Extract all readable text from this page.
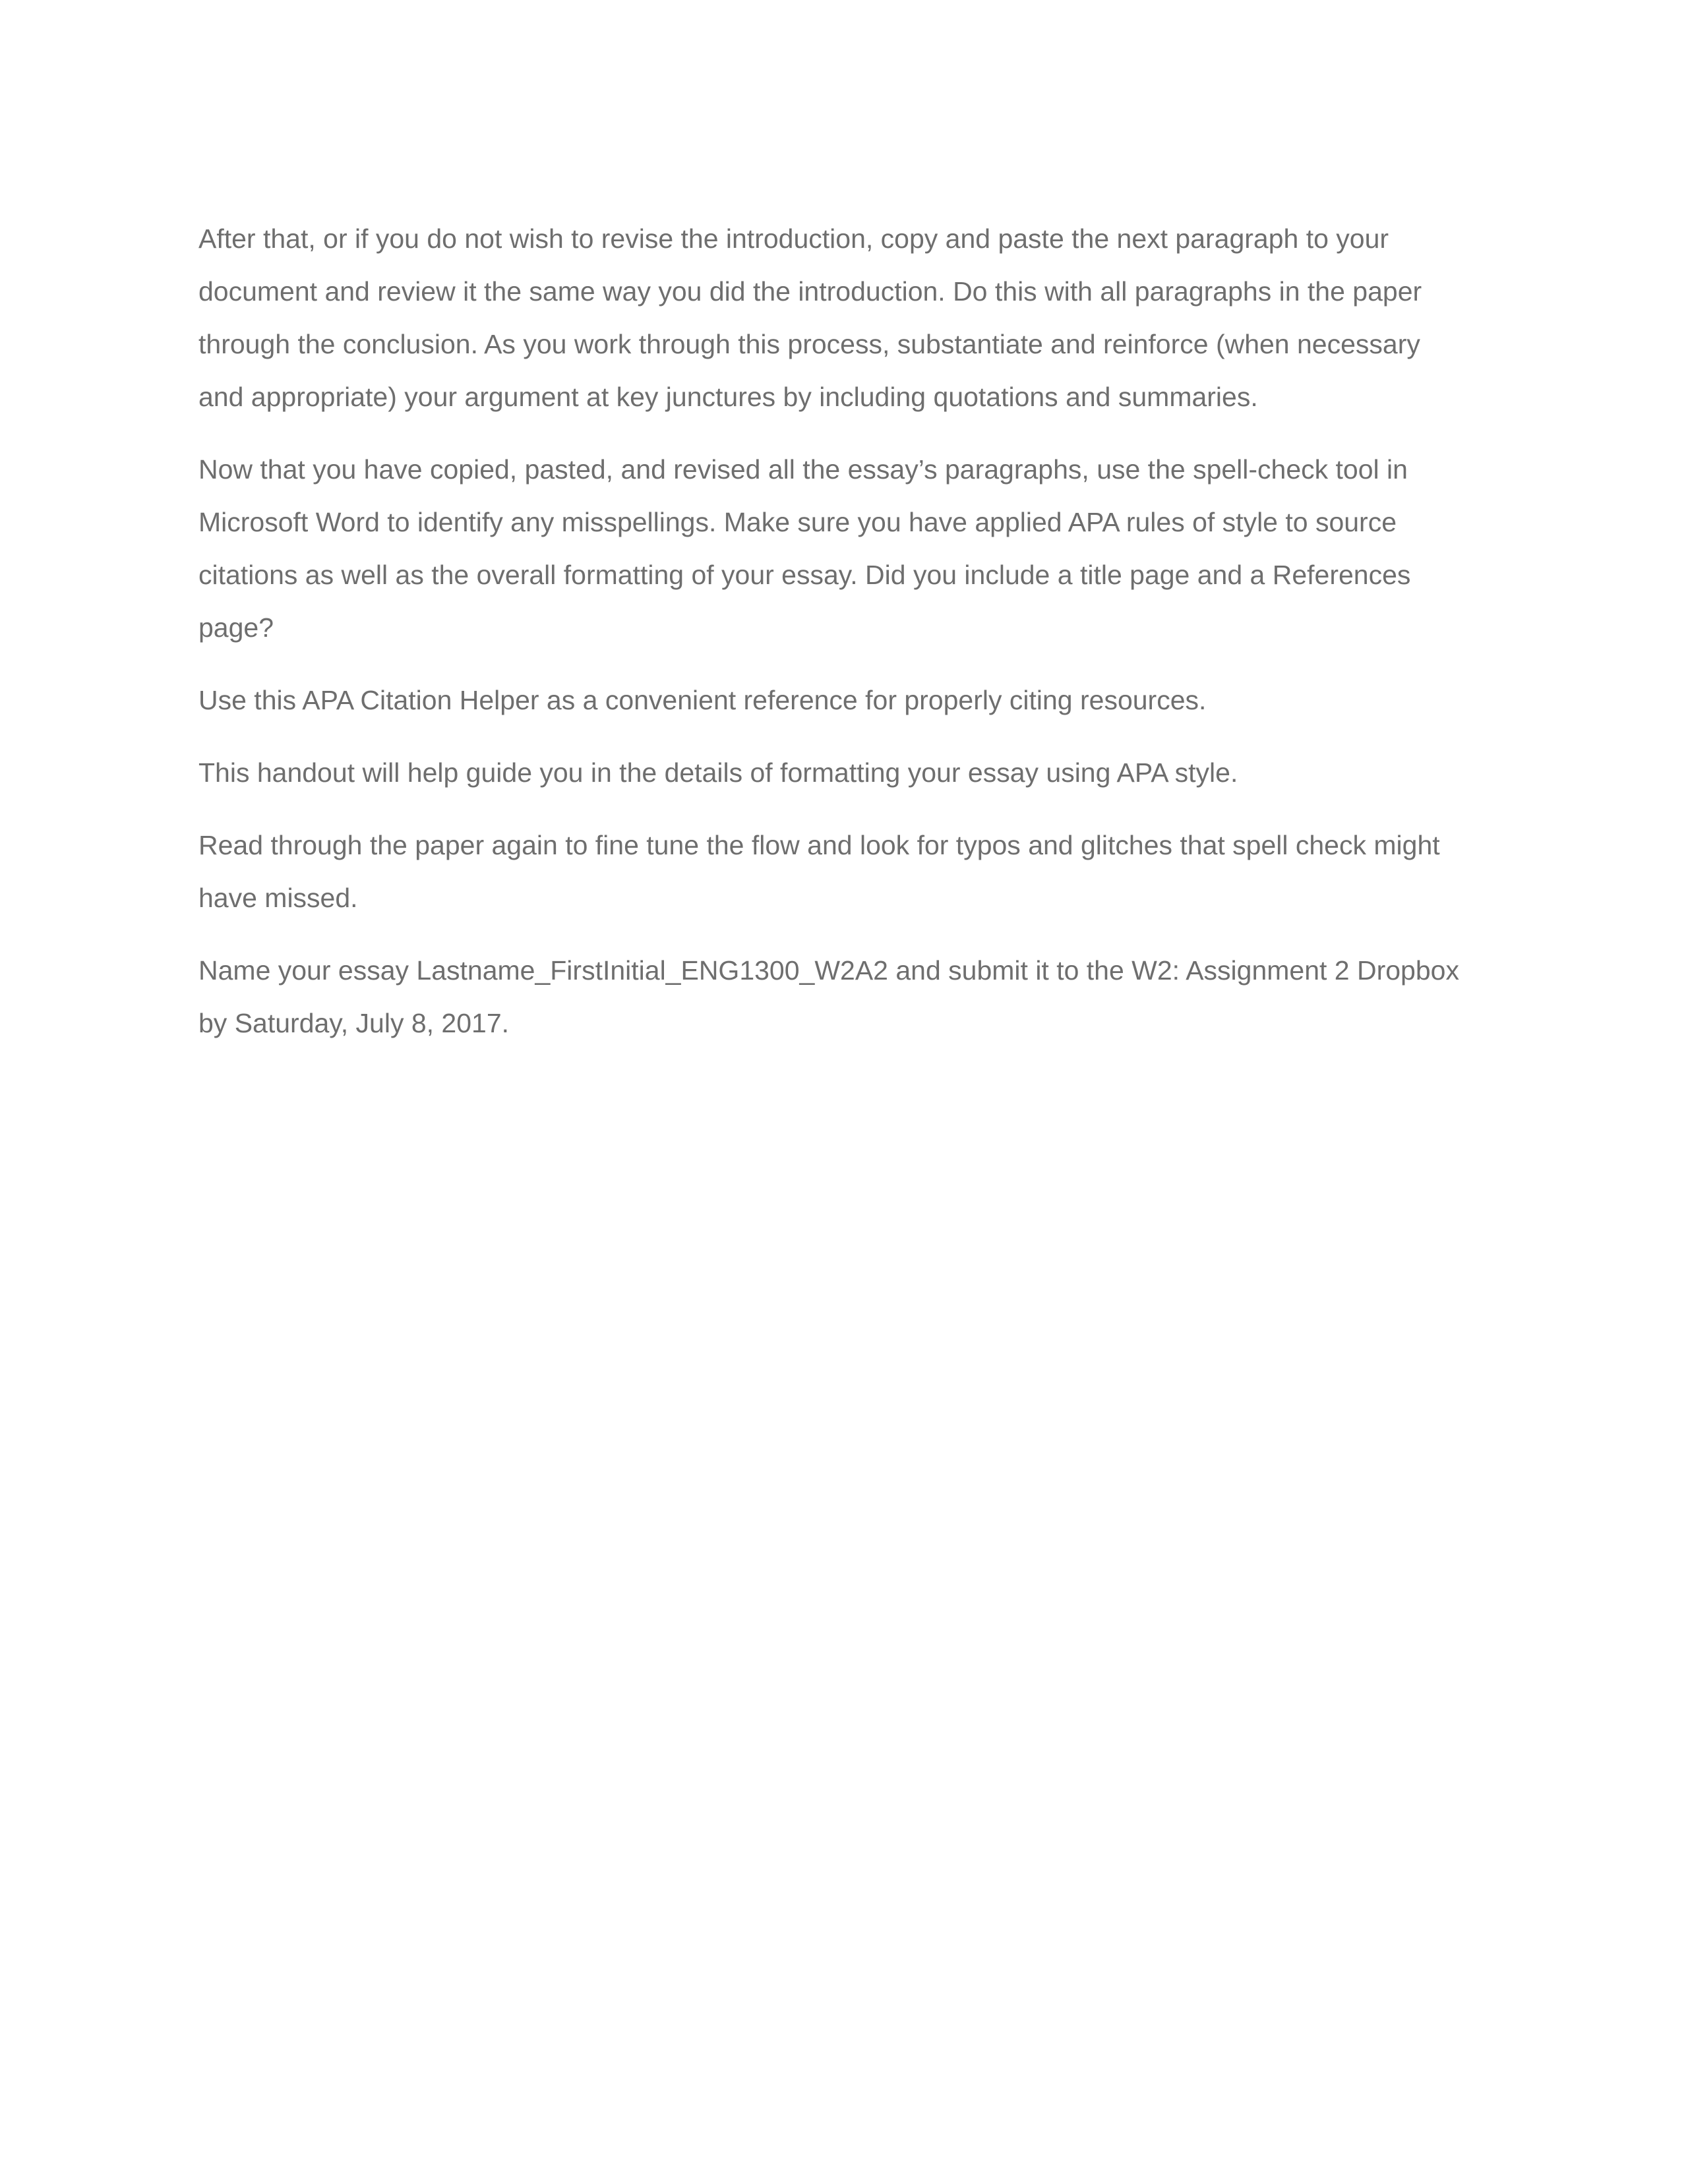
After that, or if you do not wish to revise the introduction, copy and paste the next paragraph to your
document and review it the same way you did the introduction. Do this with all paragraphs in the paper
through the conclusion. As you work through this process, substantiate and reinforce (when necessary
and appropriate) your argument at key junctures by including quotations and summaries.

Now that you have copied, pasted, and revised all the essay’s paragraphs, use the spell-check tool in
Microsoft Word to identify any misspellings. Make sure you have applied APA rules of style to source
citations as well as the overall formatting of your essay. Did you include a title page and a References
page?

Use this APA Citation Helper as a convenient reference for properly citing resources.

This handout will help guide you in the details of formatting your essay using APA style.

Read through the paper again to fine tune the flow and look for typos and glitches that spell check might
have missed.

Name your essay Lastname_FirstInitial_ENG1300_W2A2 and submit it to the W2: Assignment 2 Dropbox
by Saturday, July 8, 2017.
